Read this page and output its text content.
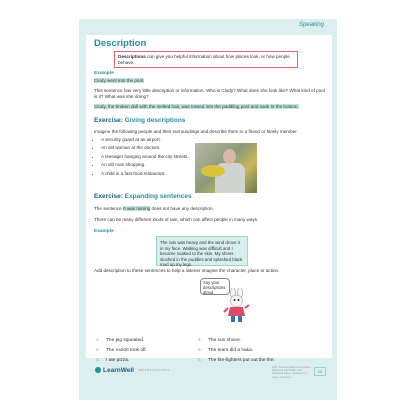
Speaking
Description
Descriptions can give you helpful information about how places look, or how people behave.
Example
Cindy went into the pool.
This sentence has very little description or information. Who is Cindy? What does she look like? What kind of pool is it? What was she doing?
Cindy, the broken doll with the melted hair, was tossed into the paddling pool and sank to the bottom.
Exercise: Giving descriptions
Imagine the following people and their surroundings and describe them to a friend or family member.
• A security guard at an airport.
• An old woman at the doctors.
• A teenager hanging around the city streets.
• An old man shopping.
• A child in a fast-food restaurant.
Exercise: Expanding sentences
The sentence It was raining does not have any description.
There can be many different kinds of rain, which can affect people in many ways.
Example
Add description to these sentences to help a listener imagine the character, place or action.
1. The pig squealed.
2. The rocket took off.
3. I ate pizza.
4. The sun shone.
5. The team did a haka.
6. The fire-fighters put out the fire.
The rain was heavy and the wind drove it in my face. Walking was difficult and I became soaked to the skin. My shoes sloshed in the puddles and splashed black mud up my legs.
Say your descriptions aloud.
LearnWell ISBN 978-1-XXXXX-XXX-X
ACF: Students listen and produce ideas and information with increased clarity, drawing on a range of sources
12
